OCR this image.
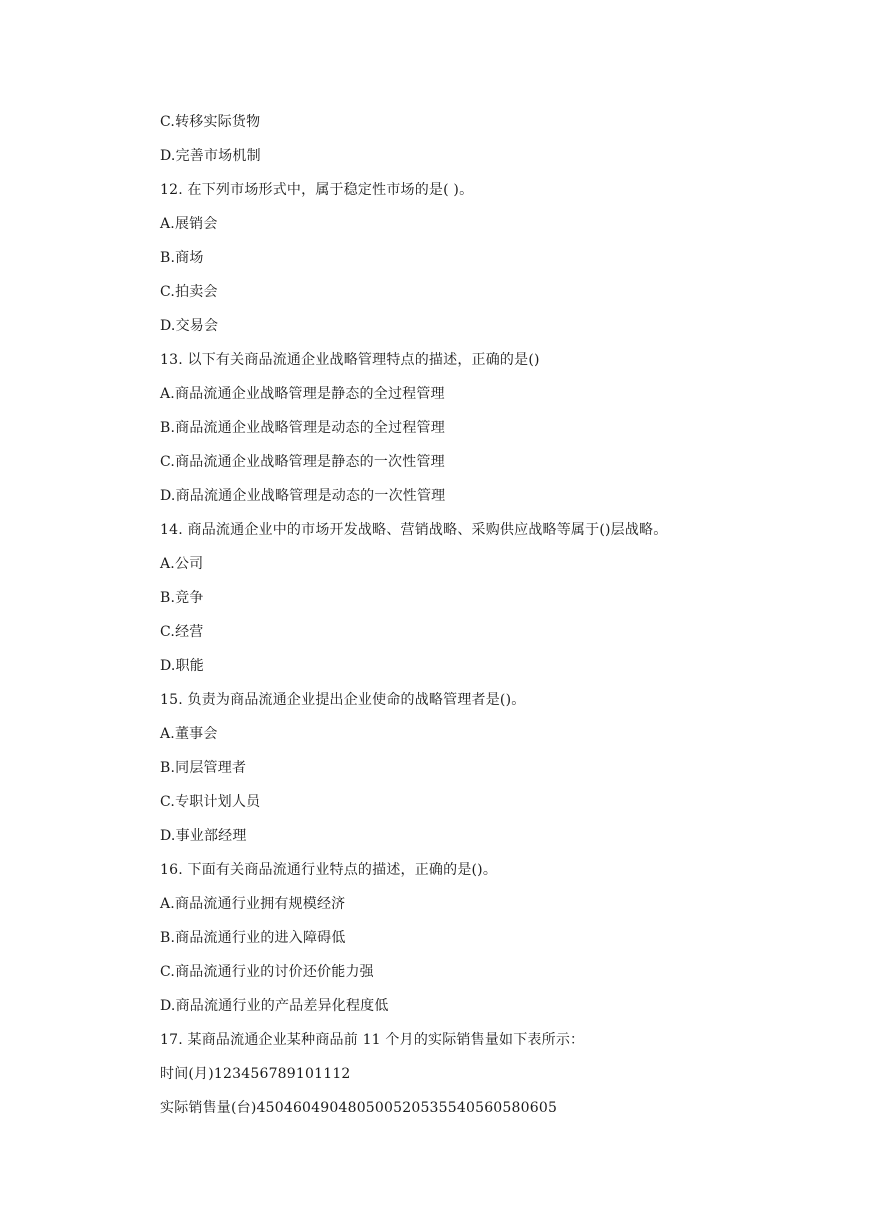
C.转移实际货物
D.完善市场机制
12. 在下列市场形式中，属于稳定性市场的是( )。
A.展销会
B.商场
C.拍卖会
D.交易会
13. 以下有关商品流通企业战略管理特点的描述，正确的是()
A.商品流通企业战略管理是静态的全过程管理
B.商品流通企业战略管理是动态的全过程管理
C.商品流通企业战略管理是静态的一次性管理
D.商品流通企业战略管理是动态的一次性管理
14. 商品流通企业中的市场开发战略、营销战略、采购供应战略等属于()层战略。
A.公司
B.竞争
C.经营
D.职能
15. 负责为商品流通企业提出企业使命的战略管理者是()。
A.董事会
B.同层管理者
C.专职计划人员
D.事业部经理
16. 下面有关商品流通行业特点的描述，正确的是()。
A.商品流通行业拥有规模经济
B.商品流通行业的进入障碍低
C.商品流通行业的讨价还价能力强
D.商品流通行业的产品差异化程度低
17. 某商品流通企业某种商品前 11 个月的实际销售量如下表所示：
时间(月)123456789101112
实际销售量(台)450460490480500520535540560580605
